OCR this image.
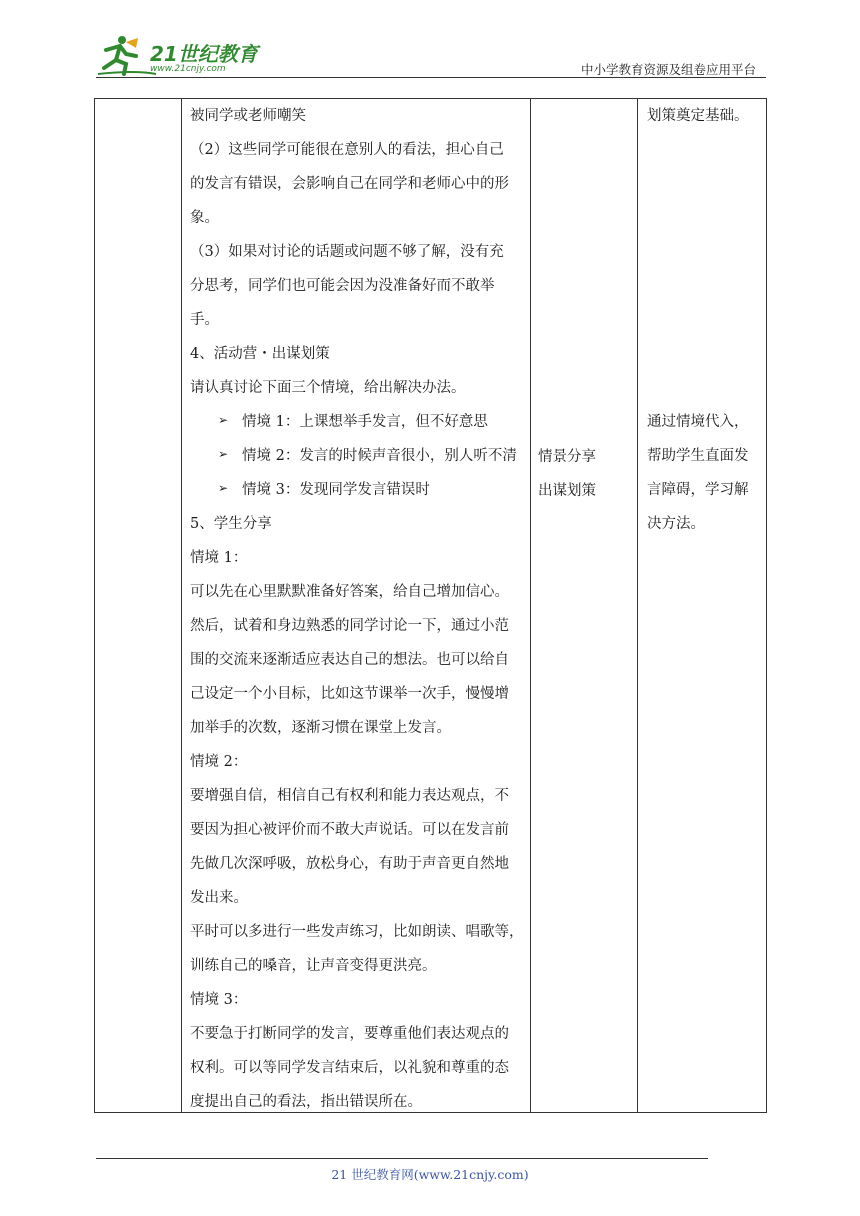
21世纪教育
www.21cnjy.com	中小学教育资源及组卷应用平台
被同学或老师嘲笑
（2）这些同学可能很在意别人的看法，担心自己
的发言有错误，会影响自己在同学和老师心中的形
象。
（3）如果对讨论的话题或问题不够了解，没有充
分思考，同学们也可能会因为没准备好而不敢举
手。
4、活动营・出谋划策
请认真讨论下面三个情境，给出解决办法。
➢ 情境 1：上课想举手发言，但不好意思
➢ 情境 2：发言的时候声音很小，别人听不清
➢ 情境 3：发现同学发言错误时
5、学生分享
情境 1：
可以先在心里默默准备好答案，给自己增加信心。
然后，试着和身边熟悉的同学讨论一下，通过小范
围的交流来逐渐适应表达自己的想法。也可以给自
己设定一个小目标，比如这节课举一次手，慢慢增
加举手的次数，逐渐习惯在课堂上发言。
情境 2：
要增强自信，相信自己有权利和能力表达观点，不
要因为担心被评价而不敢大声说话。可以在发言前
先做几次深呼吸，放松身心，有助于声音更自然地
发出来。
平时可以多进行一些发声练习，比如朗读、唱歌等，
训练自己的嗓音，让声音变得更洪亮。
情境 3：
不要急于打断同学的发言，要尊重他们表达观点的
权利。可以等同学发言结束后，以礼貌和尊重的态
度提出自己的看法，指出错误所在。
情景分享
出谋划策
划策奠定基础。
通过情境代入，
帮助学生直面发
言障碍，学习解
决方法。
21 世纪教育网(www.21cnjy.com)
